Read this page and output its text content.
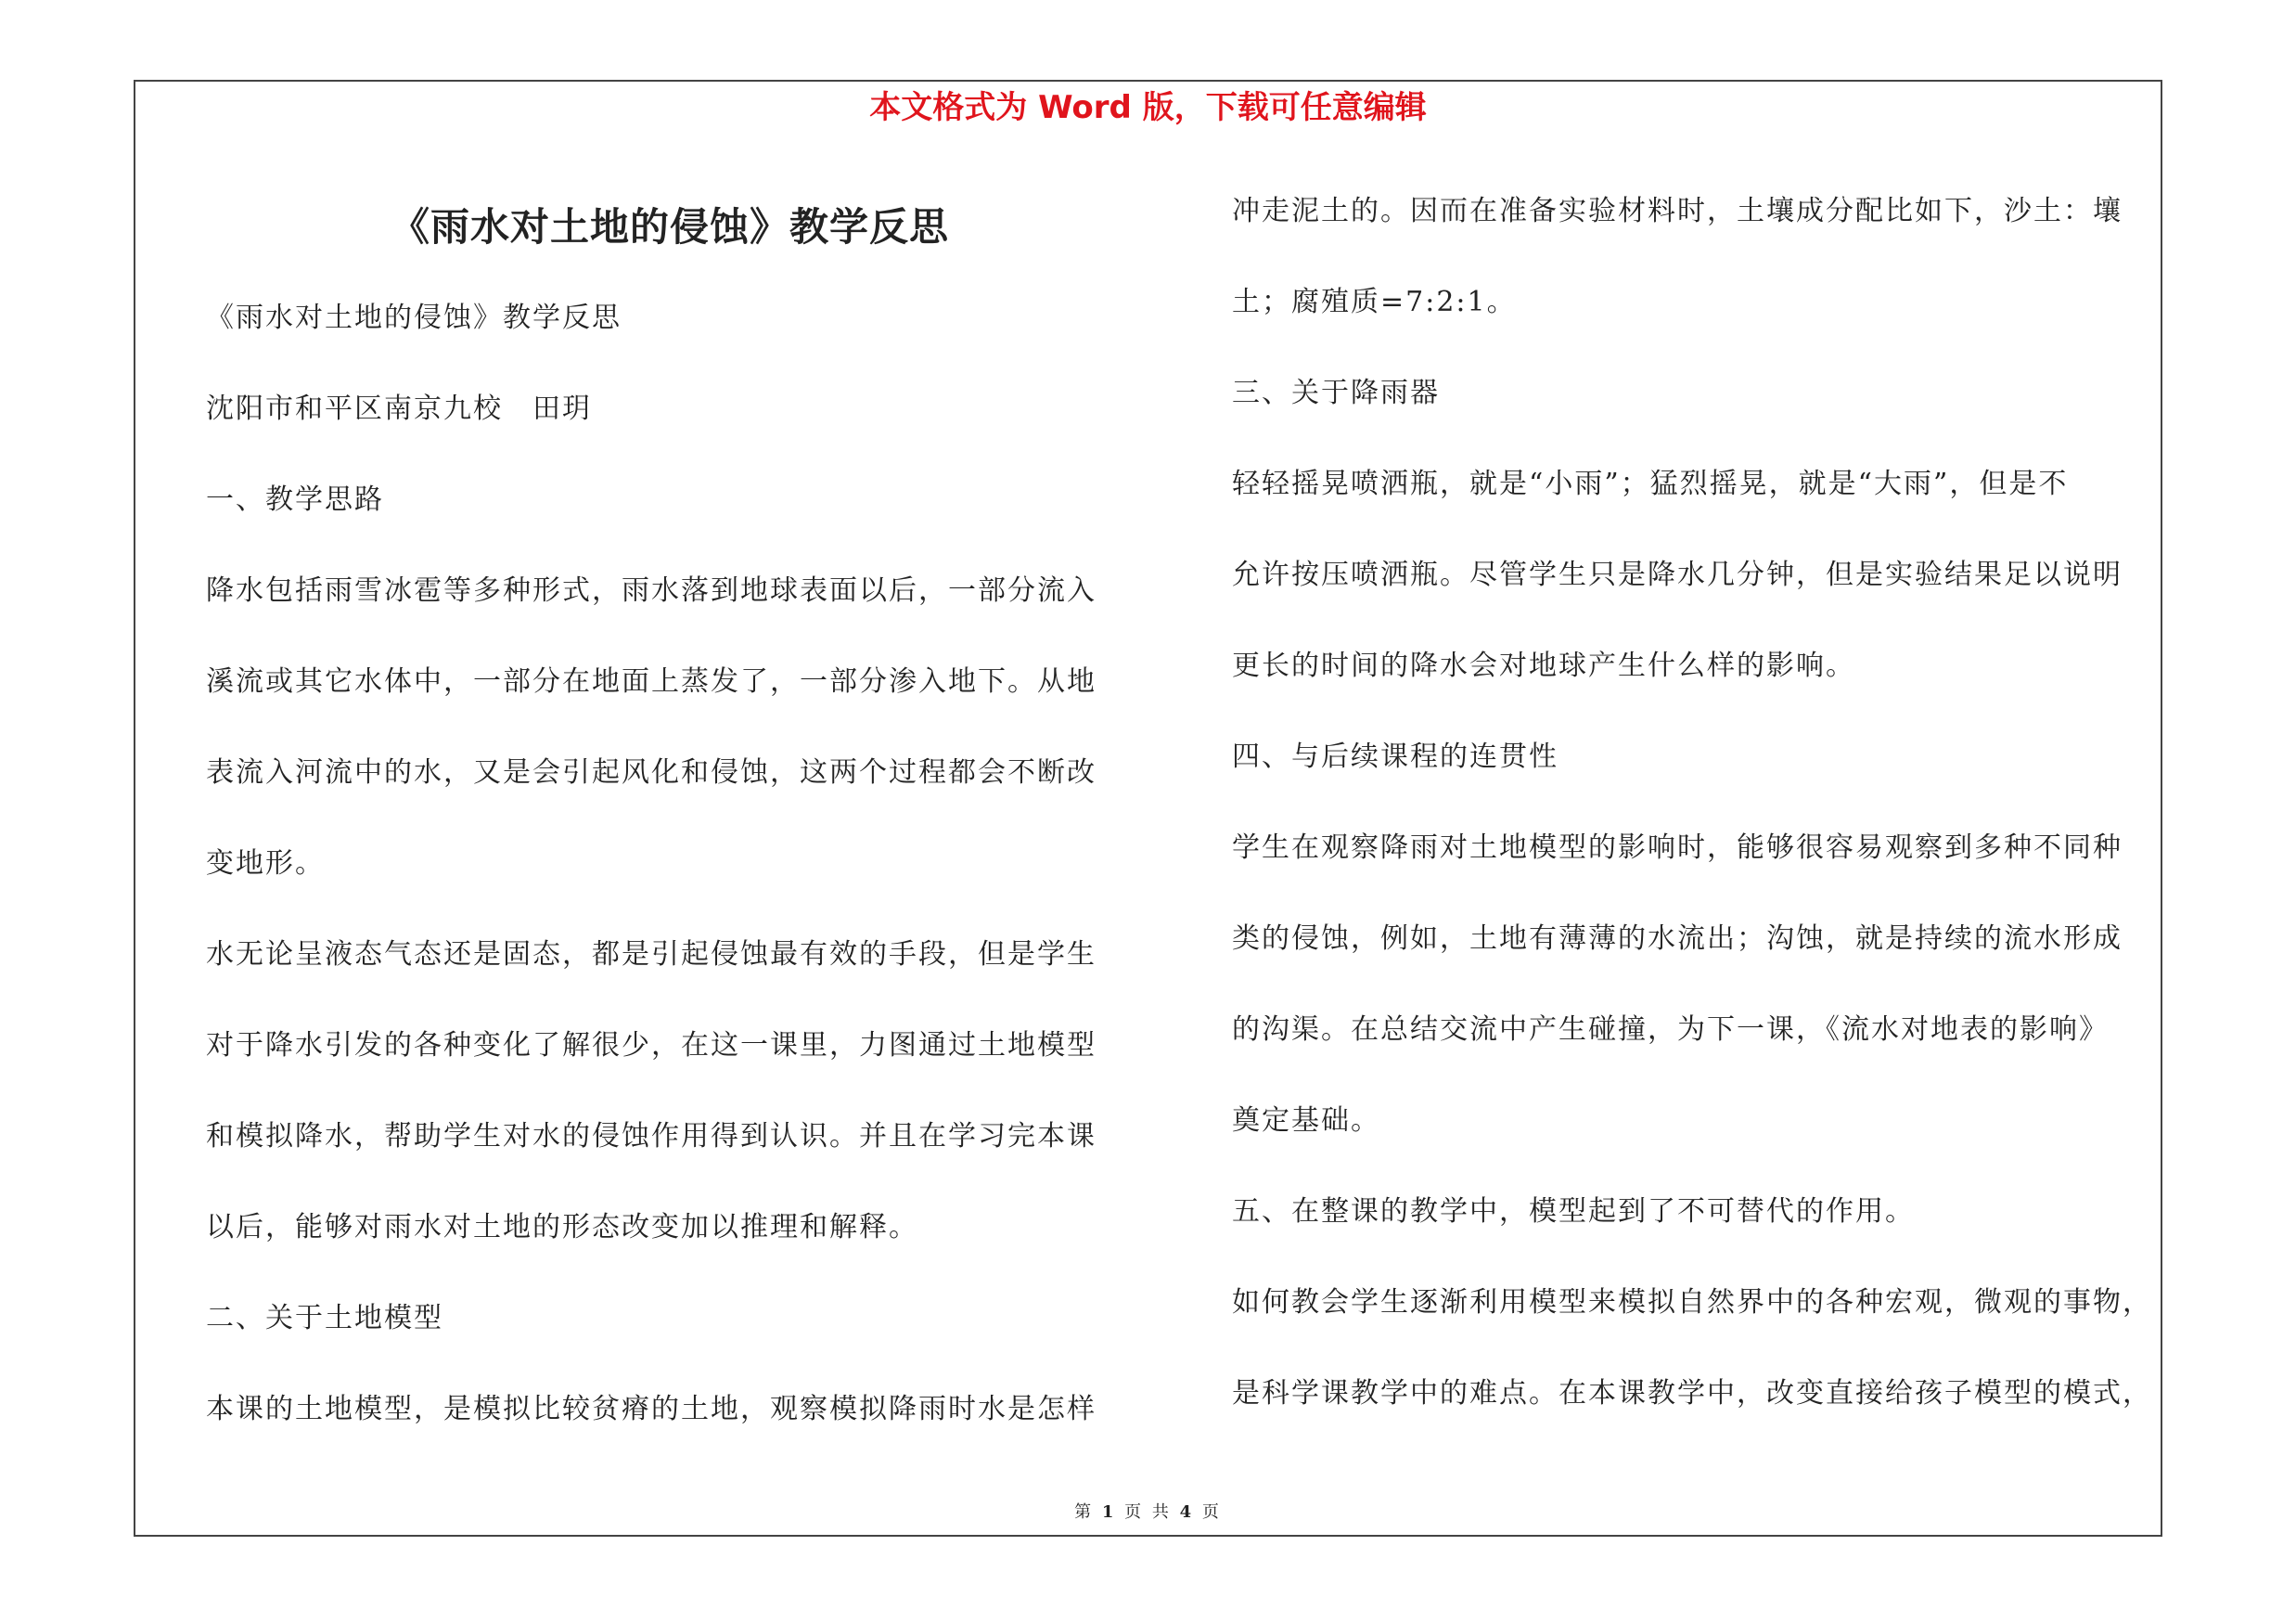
本文格式为 Word 版，下载可任意编辑
《雨水对土地的侵蚀》教学反思

《雨水对土地的侵蚀》教学反思

沈阳市和平区南京九校　田玥

一、教学思路

降水包括雨雪冰雹等多种形式，雨水落到地球表面以后，一部分流入

溪流或其它水体中，一部分在地面上蒸发了，一部分渗入地下。从地

表流入河流中的水，又是会引起风化和侵蚀，这两个过程都会不断改

变地形。

水无论呈液态气态还是固态，都是引起侵蚀最有效的手段，但是学生

对于降水引发的各种变化了解很少，在这一课里，力图通过土地模型

和模拟降水，帮助学生对水的侵蚀作用得到认识。并且在学习完本课

以后，能够对雨水对土地的形态改变加以推理和解释。

二、关于土地模型

本课的土地模型，是模拟比较贫瘠的土地，观察模拟降雨时水是怎样

冲走泥土的。因而在准备实验材料时，土壤成分配比如下，沙土：壤

土；腐殖质=7:2:1。

三、关于降雨器

轻轻摇晃喷洒瓶，就是“小雨”；猛烈摇晃，就是“大雨”，但是不

允许按压喷洒瓶。尽管学生只是降水几分钟，但是实验结果足以说明

更长的时间的降水会对地球产生什么样的影响。

四、与后续课程的连贯性

学生在观察降雨对土地模型的影响时，能够很容易观察到多种不同种

类的侵蚀，例如，土地有薄薄的水流出；沟蚀，就是持续的流水形成

的沟渠。在总结交流中产生碰撞，为下一课，《流水对地表的影响》

奠定基础。

五、在整课的教学中，模型起到了不可替代的作用。

如何教会学生逐渐利用模型来模拟自然界中的各种宏观，微观的事物，

是科学课教学中的难点。在本课教学中，改变直接给孩子模型的模式，

第 1 页 共 4 页
